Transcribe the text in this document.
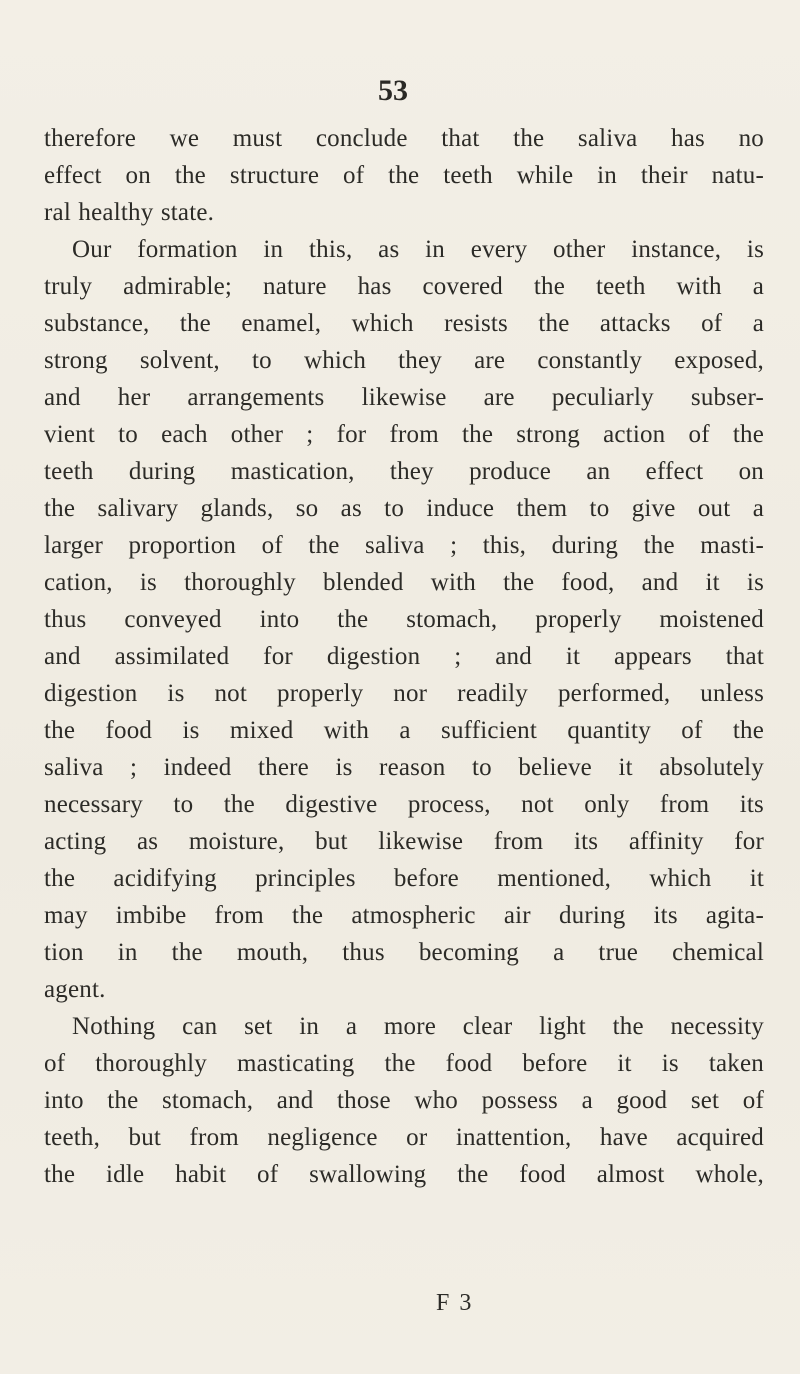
53
therefore we must conclude that the saliva has no
effect on the structure of the teeth while in their natu-
ral healthy state.
Our formation in this, as in every other instance, is
truly admirable; nature has covered the teeth with a
substance, the enamel, which resists the attacks of a
strong solvent, to which they are constantly exposed,
and her arrangements likewise are peculiarly subser-
vient to each other ; for from the strong action of the
teeth during mastication, they produce an effect on
the salivary glands, so as to induce them to give out a
larger proportion of the saliva ; this, during the masti-
cation, is thoroughly blended with the food, and it is
thus conveyed into the stomach, properly moistened
and assimilated for digestion ; and it appears that
digestion is not properly nor readily performed, unless
the food is mixed with a sufficient quantity of the
saliva ; indeed there is reason to believe it absolutely
necessary to the digestive process, not only from its
acting as moisture, but likewise from its affinity for
the acidifying principles before mentioned, which it
may imbibe from the atmospheric air during its agita-
tion in the mouth, thus becoming a true chemical
agent.
Nothing can set in a more clear light the necessity
of thoroughly masticating the food before it is taken
into the stomach, and those who possess a good set of
teeth, but from negligence or inattention, have acquired
the idle habit of swallowing the food almost whole,
F 3
